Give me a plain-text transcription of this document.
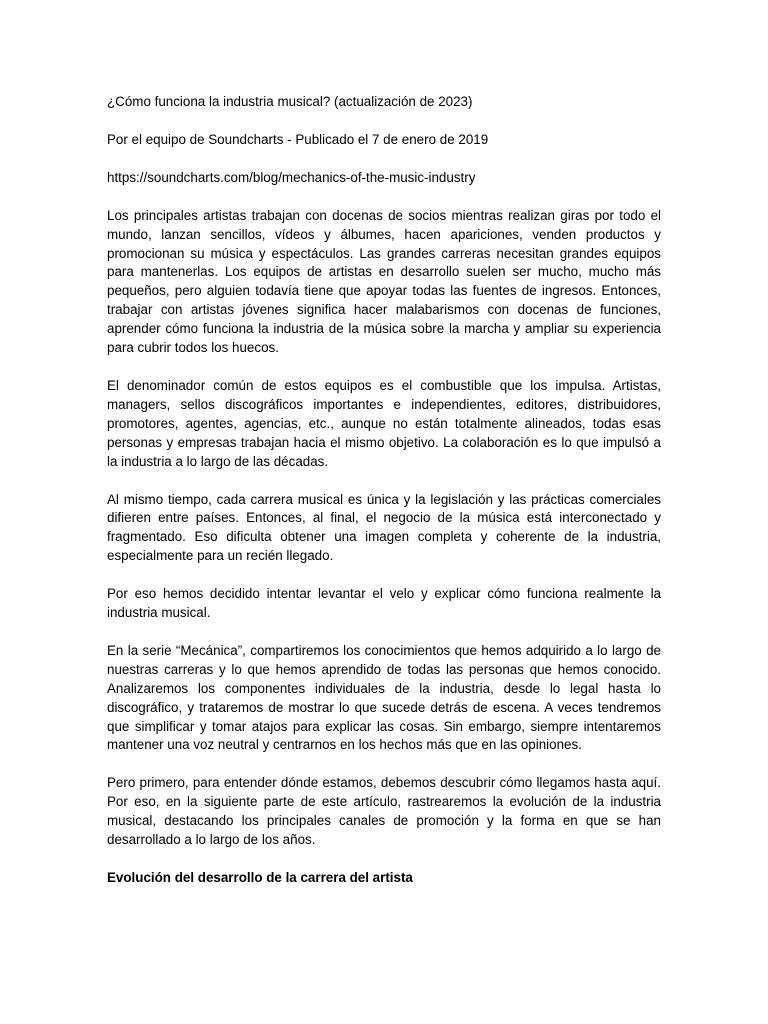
¿Cómo funciona la industria musical? (actualización de 2023)

Por el equipo de Soundcharts - Publicado el 7 de enero de 2019

https://soundcharts.com/blog/mechanics-of-the-music-industry

Los principales artistas trabajan con docenas de socios mientras realizan giras por todo el mundo, lanzan sencillos, vídeos y álbumes, hacen apariciones, venden productos y promocionan su música y espectáculos. Las grandes carreras necesitan grandes equipos para mantenerlas. Los equipos de artistas en desarrollo suelen ser mucho, mucho más pequeños, pero alguien todavía tiene que apoyar todas las fuentes de ingresos. Entonces, trabajar con artistas jóvenes significa hacer malabarismos con docenas de funciones, aprender cómo funciona la industria de la música sobre la marcha y ampliar su experiencia para cubrir todos los huecos.

El denominador común de estos equipos es el combustible que los impulsa. Artistas, managers, sellos discográficos importantes e independientes, editores, distribuidores, promotores, agentes, agencias, etc., aunque no están totalmente alineados, todas esas personas y empresas trabajan hacia el mismo objetivo. La colaboración es lo que impulsó a la industria a lo largo de las décadas.

Al mismo tiempo, cada carrera musical es única y la legislación y las prácticas comerciales difieren entre países. Entonces, al final, el negocio de la música está interconectado y fragmentado. Eso dificulta obtener una imagen completa y coherente de la industria, especialmente para un recién llegado.

Por eso hemos decidido intentar levantar el velo y explicar cómo funciona realmente la industria musical.

En la serie “Mecánica”, compartiremos los conocimientos que hemos adquirido a lo largo de nuestras carreras y lo que hemos aprendido de todas las personas que hemos conocido. Analizaremos los componentes individuales de la industria, desde lo legal hasta lo discográfico, y trataremos de mostrar lo que sucede detrás de escena. A veces tendremos que simplificar y tomar atajos para explicar las cosas. Sin embargo, siempre intentaremos mantener una voz neutral y centrarnos en los hechos más que en las opiniones.

Pero primero, para entender dónde estamos, debemos descubrir cómo llegamos hasta aquí. Por eso, en la siguiente parte de este artículo, rastrearemos la evolución de la industria musical, destacando los principales canales de promoción y la forma en que se han desarrollado a lo largo de los años.

Evolución del desarrollo de la carrera del artista
